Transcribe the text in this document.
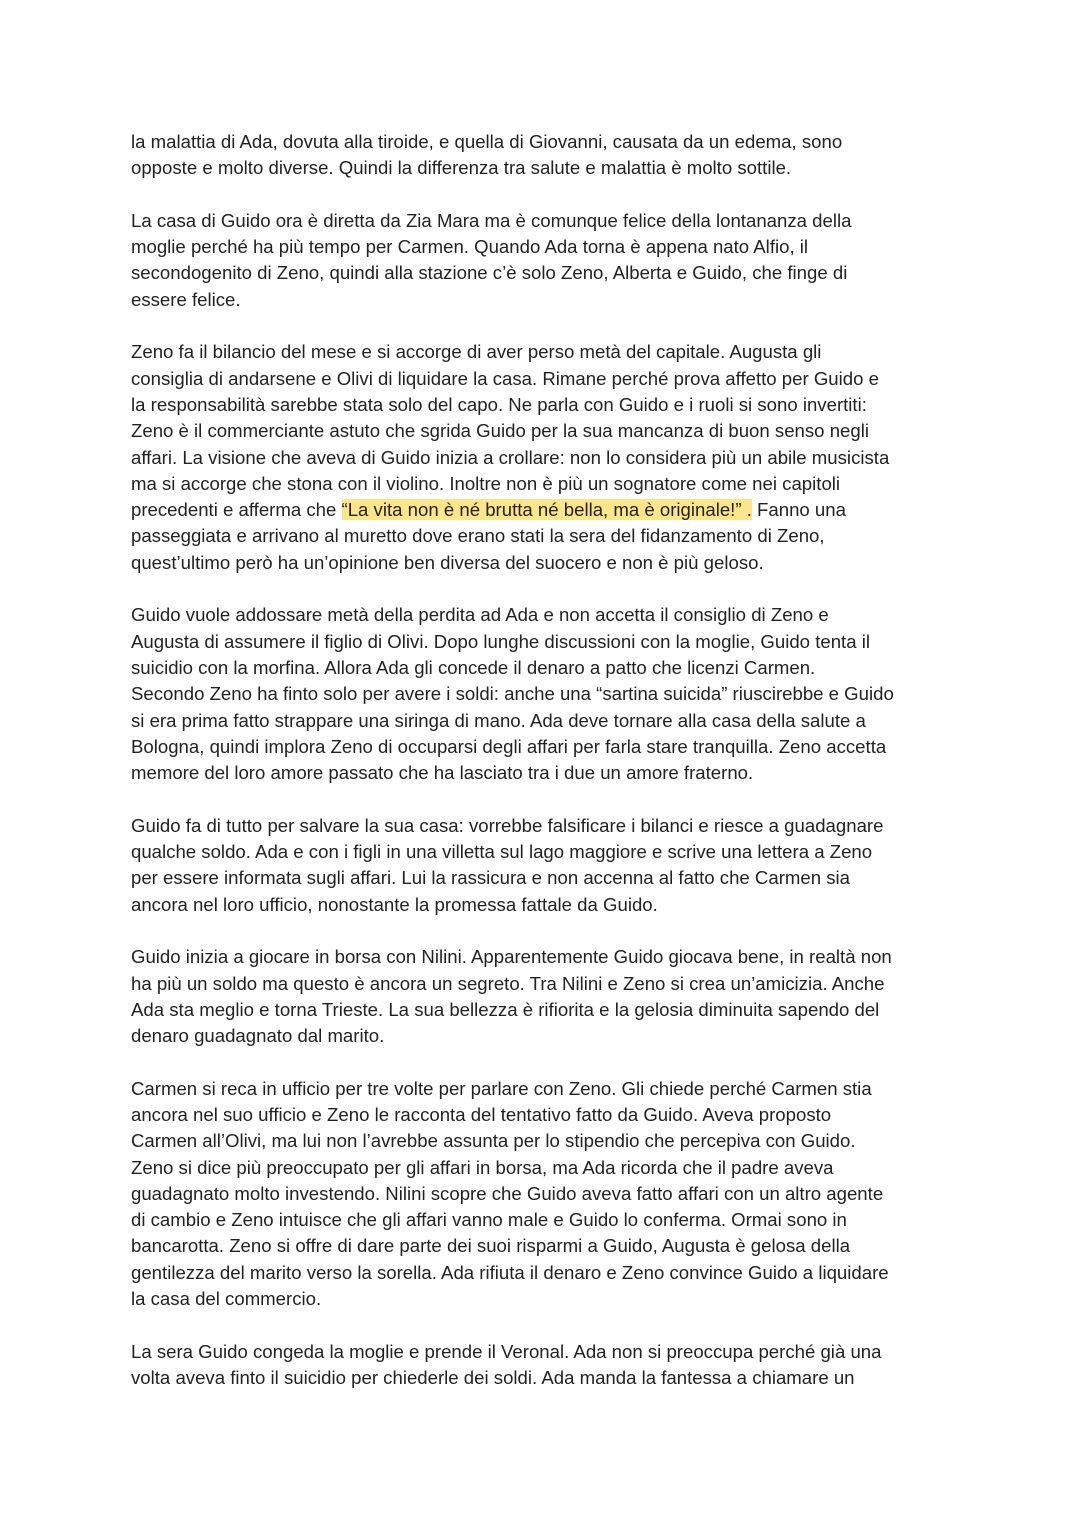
la malattia di Ada, dovuta alla tiroide, e quella di Giovanni, causata da un edema, sono
opposte e molto diverse. Quindi la differenza tra salute e malattia è molto sottile.

La casa di Guido ora è diretta da Zia Mara ma è comunque felice della lontananza della
moglie perché ha più tempo per Carmen. Quando Ada torna è appena nato Alfio, il
secondogenito di Zeno, quindi alla stazione c’è solo Zeno, Alberta e Guido, che finge di
essere felice.

Zeno fa il bilancio del mese e si accorge di aver perso metà del capitale. Augusta gli
consiglia di andarsene e Olivi di liquidare la casa. Rimane perché prova affetto per Guido e
la responsabilità sarebbe stata solo del capo. Ne parla con Guido e i ruoli si sono invertiti:
Zeno è il commerciante astuto che sgrida Guido per la sua mancanza di buon senso negli
affari. La visione che aveva di Guido inizia a crollare: non lo considera più un abile musicista
ma si accorge che stona con il violino. Inoltre non è più un sognatore come nei capitoli
precedenti e afferma che “La vita non è né brutta né bella, ma è originale!” . Fanno una
passeggiata e arrivano al muretto dove erano stati la sera del fidanzamento di Zeno,
quest’ultimo però ha un’opinione ben diversa del suocero e non è più geloso.

Guido vuole addossare metà della perdita ad Ada e non accetta il consiglio di Zeno e
Augusta di assumere il figlio di Olivi. Dopo lunghe discussioni con la moglie, Guido tenta il
suicidio con la morfina. Allora Ada gli concede il denaro a patto che licenzi Carmen.
Secondo Zeno ha finto solo per avere i soldi: anche una “sartina suicida” riuscirebbe e Guido
si era prima fatto strappare una siringa di mano. Ada deve tornare alla casa della salute a
Bologna, quindi implora Zeno di occuparsi degli affari per farla stare tranquilla. Zeno accetta
memore del loro amore passato che ha lasciato tra i due un amore fraterno.

Guido fa di tutto per salvare la sua casa: vorrebbe falsificare i bilanci e riesce a guadagnare
qualche soldo. Ada e con i figli in una villetta sul lago maggiore e scrive una lettera a Zeno
per essere informata sugli affari. Lui la rassicura e non accenna al fatto che Carmen sia
ancora nel loro ufficio, nonostante la promessa fattale da Guido.

Guido inizia a giocare in borsa con Nilini. Apparentemente Guido giocava bene, in realtà non
ha più un soldo ma questo è ancora un segreto. Tra Nilini e Zeno si crea un’amicizia. Anche
Ada sta meglio e torna Trieste. La sua bellezza è rifiorita e la gelosia diminuita sapendo del
denaro guadagnato dal marito.

Carmen si reca in ufficio per tre volte per parlare con Zeno. Gli chiede perché Carmen stia
ancora nel suo ufficio e Zeno le racconta del tentativo fatto da Guido. Aveva proposto
Carmen all’Olivi, ma lui non l’avrebbe assunta per lo stipendio che percepiva con Guido.
Zeno si dice più preoccupato per gli affari in borsa, ma Ada ricorda che il padre aveva
guadagnato molto investendo. Nilini scopre che Guido aveva fatto affari con un altro agente
di cambio e Zeno intuisce che gli affari vanno male e Guido lo conferma. Ormai sono in
bancarotta. Zeno si offre di dare parte dei suoi risparmi a Guido, Augusta è gelosa della
gentilezza del marito verso la sorella. Ada rifiuta il denaro e Zeno convince Guido a liquidare
la casa del commercio.

La sera Guido congeda la moglie e prende il Veronal. Ada non si preoccupa perché già una
volta aveva finto il suicidio per chiederle dei soldi. Ada manda la fantessa a chiamare un
